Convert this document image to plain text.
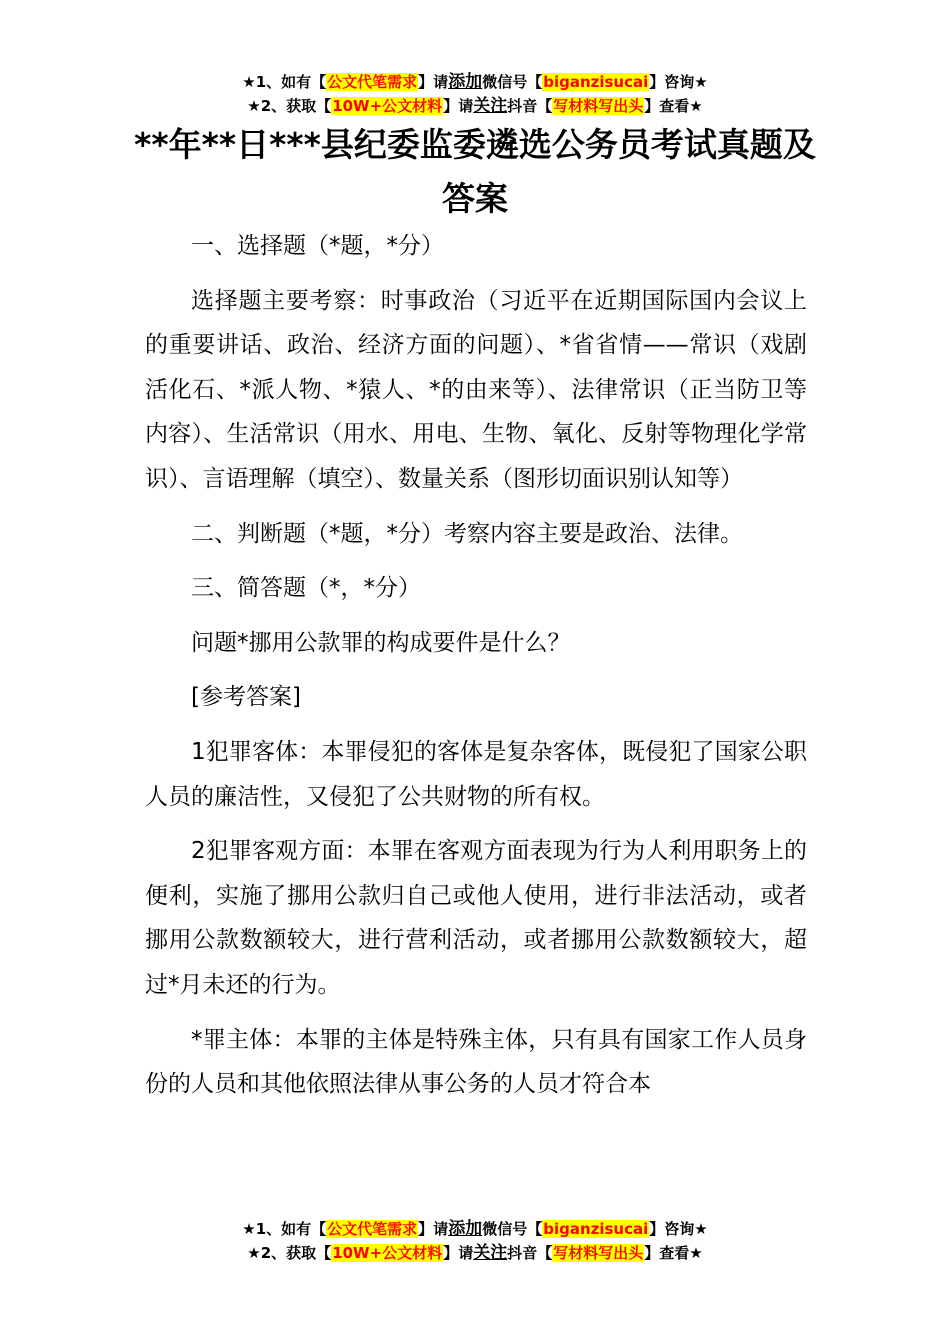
★1、如有【公文代笔需求】请添加微信号【biganzisucai】咨询★
★2、获取【10W+公文材料】请关注抖音【写材料写出头】查看★
**年**日***县纪委监委遴选公务员考试真题及答案

一、选择题（*题，*分）

选择题主要考察：时事政治（习近平在近期国际国内会议上的重要讲话、政治、经济方面的问题）、*省省情——常识（戏剧活化石、*派人物、*猿人、*的由来等）、法律常识（正当防卫等内容）、生活常识（用水、用电、生物、氧化、反射等物理化学常识）、言语理解（填空）、数量关系（图形切面识别认知等）

二、判断题（*题，*分）考察内容主要是政治、法律。

三、简答题（*，*分）

问题*挪用公款罪的构成要件是什么？

[参考答案]

1犯罪客体：本罪侵犯的客体是复杂客体，既侵犯了国家公职人员的廉洁性，又侵犯了公共财物的所有权。

2犯罪客观方面：本罪在客观方面表现为行为人利用职务上的便利，实施了挪用公款归自己或他人使用，进行非法活动，或者挪用公款数额较大，进行营利活动，或者挪用公款数额较大，超过*月未还的行为。

*罪主体：本罪的主体是特殊主体，只有具有国家工作人员身份的人员和其他依照法律从事公务的人员才符合本

★1、如有【公文代笔需求】请添加微信号【biganzisucai】咨询★
★2、获取【10W+公文材料】请关注抖音【写材料写出头】查看★
